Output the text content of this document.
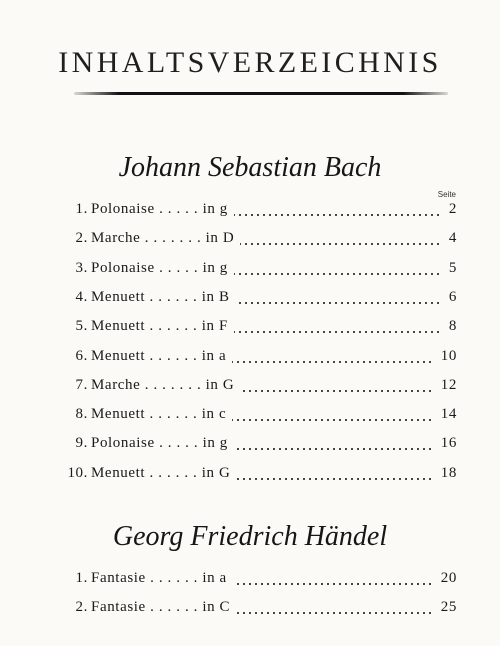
INHALTSVERZEICHNIS
Johann Sebastian Bach
Seite
1. Polonaise . . . . . in g	2
2. Marche . . . . . . . in D	4
3. Polonaise . . . . . in g	5
4. Menuett . . . . . . in B	6
5. Menuett . . . . . . in F	8
6. Menuett . . . . . . in a	10
7. Marche . . . . . . . in G	12
8. Menuett . . . . . . in c	14
9. Polonaise . . . . . in g	16
10. Menuett . . . . . . in G	18
Georg Friedrich Händel
1. Fantasie . . . . . . in a	20
2. Fantasie . . . . . . in C	25
